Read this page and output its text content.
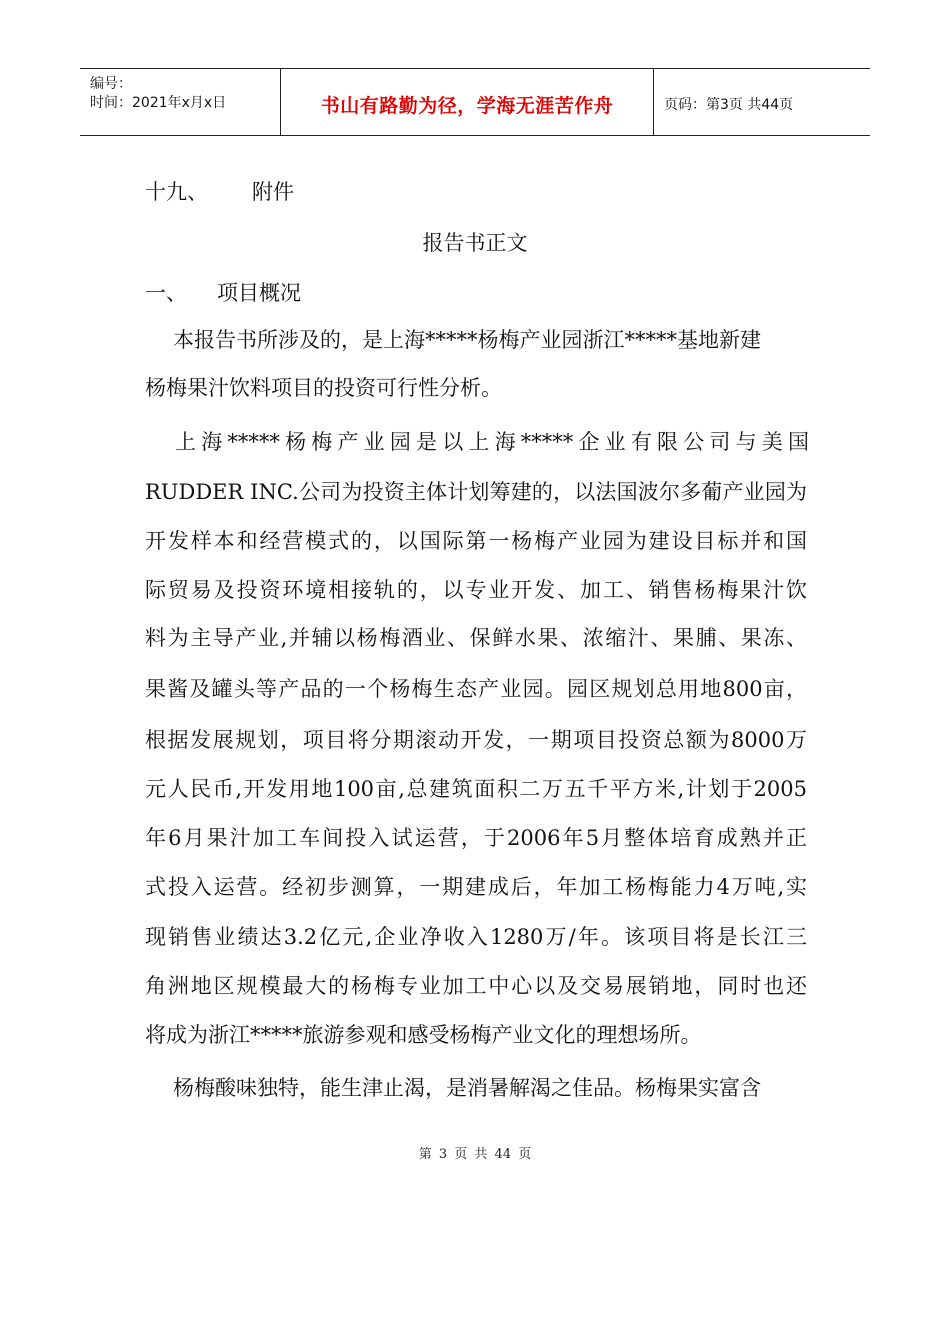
编号：
时间：2021年x月x日	书山有路勤为径，学海无涯苦作舟	页码：第3页 共44页
十九、 附件
报告书正文
一、 项目概况
本报告书所涉及的，是上海*****杨梅产业园浙江*****基地新建
杨梅果汁饮料项目的投资可行性分析。
上海*****杨梅产业园是以上海*****企业有限公司与美国
RUDDER INC.公司为投资主体计划筹建的，以法国波尔多葡产业园为
开发样本和经营模式的，以国际第一杨梅产业园为建设目标并和国
际贸易及投资环境相接轨的，以专业开发、加工、销售杨梅果汁饮
料为主导产业,并辅以杨梅酒业、保鲜水果、浓缩汁、果脯、果冻、
果酱及罐头等产品的一个杨梅生态产业园。园区规划总用地800亩，
根据发展规划，项目将分期滚动开发，一期项目投资总额为8000万
元人民币,开发用地100亩,总建筑面积二万五千平方米,计划于2005
年6月果汁加工车间投入试运营，于2006年5月整体培育成熟并正
式投入运营。经初步测算，一期建成后，年加工杨梅能力4万吨,实
现销售业绩达3.2亿元,企业净收入1280万/年。该项目将是长江三
角洲地区规模最大的杨梅专业加工中心以及交易展销地，同时也还
将成为浙江*****旅游参观和感受杨梅产业文化的理想场所。
杨梅酸味独特，能生津止渴，是消暑解渴之佳品。杨梅果实富含
第 3 页 共 44 页
